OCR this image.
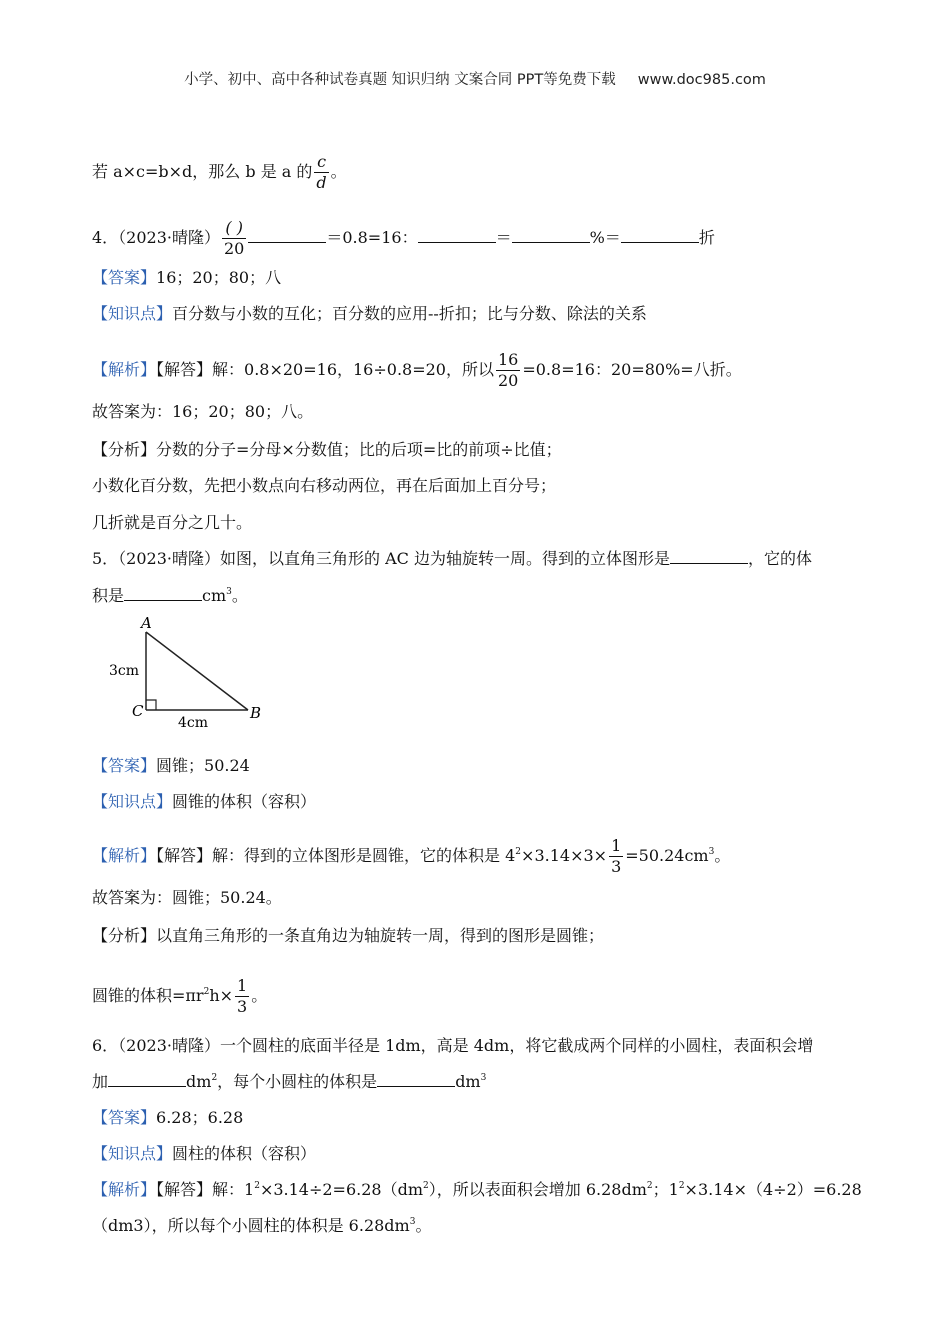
小学、初中、高中各种试卷真题 知识归纳 文案合同 PPT等免费下载 www.doc985.com
若 a×c=b×d，那么 b 是 a 的 $\frac{c}{d}$ 。
4．（2023·晴隆） $\frac{( )}{20}$	＝0.8=16：	＝	%＝	折
【答案】16；20；80；八
【知识点】百分数与小数的互化；百分数的应用--折扣；比与分数、除法的关系
【解析】【解答】解：0.8×20=16，16÷0.8=20，所以 $\frac{16}{20} =0.8=16$：20=80%=八折。
故答案为：16；20；80；八。
【分析】分数的分子=分母×分数值；比的后项=比的前项÷比值；
小数化百分数，先把小数点向右移动两位，再在后面加上百分号；
几折就是百分之几十。
5．（2023·晴隆）如图，以直角三角形的 AC 边为轴旋转一周。得到的立体图形是	，它的体
积是	$cm^3$。
A
C	B
3cm
4cm
【答案】圆锥；50.24
【知识点】圆锥的体积（容积）
【解析】【解答】解：得到的立体图形是圆锥，它的体积是 $4^2\times 3.14\times 3\times \frac{1}{3} =50.24cm^3$。
故答案为：圆锥；50.24。
【分析】以直角三角形的一条直角边为轴旋转一周，得到的图形是圆锥；
圆锥的体积$=\pi r^2h\times \frac{1}{3}$ 。
6．（2023·晴隆）一个圆柱的底面半径是 1dm，高是 4dm，将它截成两个同样的小圆柱，表面积会增
加	$dm^2$，每个小圆柱的体积是	$dm^3$
【答案】6.28；6.28
【知识点】圆柱的体积（容积）
【解析】【解答】解：$1^2\times 3.14\div 2=6.28(dm^2)$，所以表面积会增加 $6.28dm^2$；$1^2\times 3.14\times(4\div 2)=6.28$
（dm3），所以每个小圆柱的体积是 $6.28dm^3$。
